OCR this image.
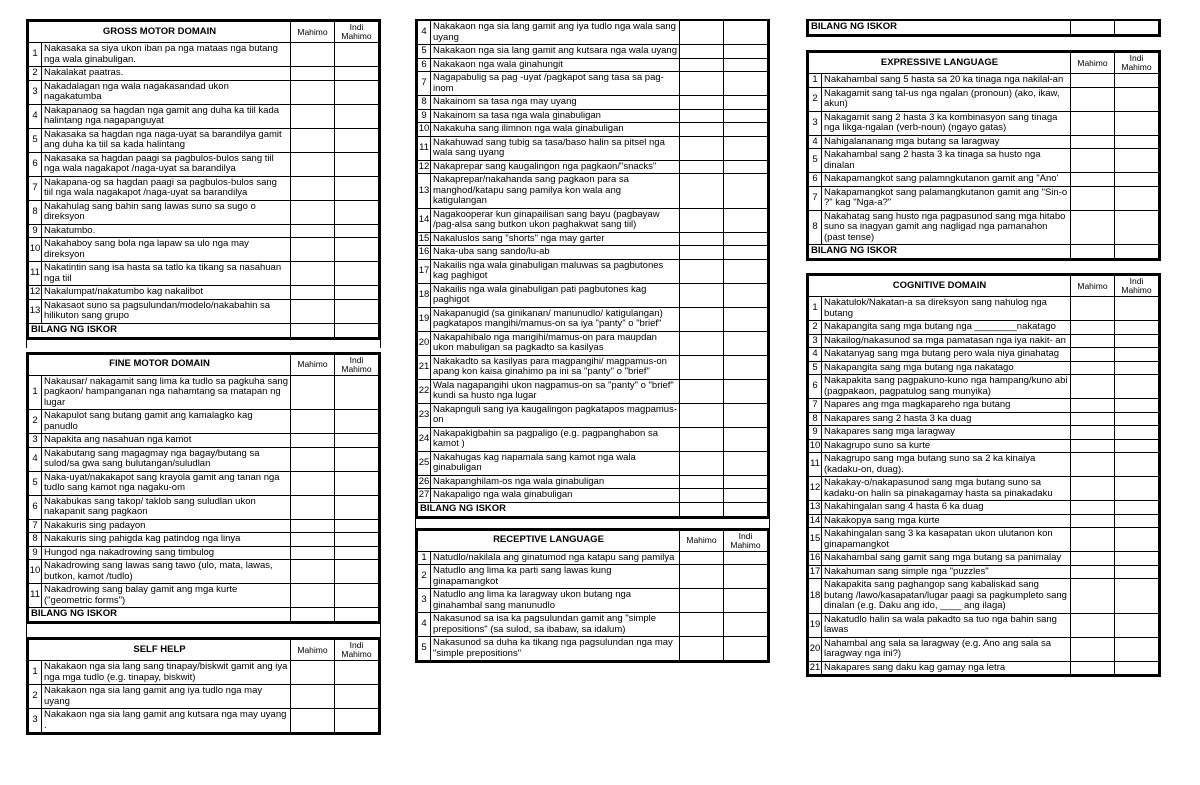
GROSS MOTOR DOMAIN		Mahimo	Indi Mahimo
1	Nakasaka sa siya ukon iban pa nga mataas nga butang nga wala ginabuligan.		
2	Nakalakat paatras.		
3	Nakadalagan nga wala nagakasandad ukon nagakatumba		
4	Nakapanaog sa hagdan nga gamit ang duha ka tiil kada halintang nga nagapanguyat		
5	Nakasaka sa hagdan nga naga-uyat sa barandilya gamit ang duha ka tiil sa kada halintang		
6	Nakasaka sa hagdan paagi sa pagbulos-bulos sang tiil nga wala nagakapot /naga-uyat sa barandilya		
7	Nakapana-og sa hagdan paagi sa pagbulos-bulos sang tiil nga wala nagakapot /naga-uyat sa barandilya		
8	Nakahulag sang bahin sang lawas suno sa sugo o direksyon		
9	Nakatumbo.		
10	Nakahaboy sang bola nga lapaw sa ulo nga may direksyon		
11	Nakatintin sang isa hasta sa tatlo ka tikang sa nasahuan nga tiil		
12	Nakalumpat/nakatumbo kag nakalibot		
13	Nakasaot suno sa pagsulundan/modelo/nakabahin sa hilikuton sang grupo		
BILANG NG ISKOR			
FINE MOTOR DOMAIN		Mahimo	Indi Mahimo
1	Nakausar/ nakagamit sang lima ka tudlo sa pagkuha sang pagkaon/ hampanganan nga nahamtang sa matapan ng lugar		
2	Nakapulot sang butang gamit ang kamalagko kag panudlo		
3	Napakita ang nasahuan nga kamot		
4	Nakabutang sang magagmay nga bagay/butang sa sulod/sa gwa sang bulutangan/suludlan		
5	Naka-uyat/nakakapot sang krayola gamit ang tanan nga tudlo sang kamot nga nagaku-om		
6	Nakabukas sang takop/ taklob sang suludlan ukon nakapanit sang pagkaon		
7	Nakakuris sing padayon		
8	Nakakuris sing pahigda kag patindog nga linya		
9	Hungod nga nakadrowing sang timbulog		
10	Nakadrowing sang lawas sang tawo (ulo, mata, lawas, butkon, kamot /tudlo)		
11	Nakadrowing sang balay gamit ang mga kurte ("geometric forms")		
BILANG NG ISKOR			
SELF HELP		Mahimo	Indi Mahimo
1	Nakakaon nga sia lang sang tinapay/biskwit gamit ang iya nga mga tudlo (e.g. tinapay, biskwit)		
2	Nakakaon nga sia lang gamit ang iya tudlo nga may uyang		
3	Nakakaon nga sia lang gamit ang kutsara nga may uyang .		
4	Nakakaon nga sia lang gamit ang iya tudlo nga wala sang uyang		
5	Nakakaon nga sia lang gamit ang kutsara nga wala uyang		
6	Nakakaon nga wala ginahungit		
7	Nagapabulig sa pag -uyat /pagkapot sang tasa sa pag-inom		
8	Nakainom sa tasa nga may uyang		
9	Nakainom sa tasa nga wala ginabuligan		
10	Nakakuha sang ilimnon nga wala ginabuligan		
11	Nakahuwad sang tubig sa tasa/baso halin sa pitsel nga wala sang uyang		
12	Nakaprepar sang kaugalingon nga pagkaon/"snacks"		
13	Nakaprepar/nakahanda sang pagkaon para sa manghod/katapu sang pamilya kon wala ang katigulangan		
14	Nagakooperar kun ginapailisan sang bayu (pagbayaw /pag-alsa sang butkon ukon paghakwat sang tiil)		
15	Nakaluslos sang "shorts" nga may garter		
16	Naka-uba sang sando/lu-ab		
17	Nakailis nga wala ginabuligan maluwas sa pagbutones kag paghigot		
18	Nakailis nga wala ginabuligan pati pagbutones kag paghigot		
19	Nakapanugid (sa ginikanan/ manunudlo/ katigulangan) pagkatapos mangihi/mamus-on sa iya "panty" o "brief"		
20	Nakapahibalo nga mangihi/mamus-on para maupdan ukon mabuligan sa pagkadto sa kasilyas		
21	Nakakadto sa kasilyas para magpangihi/ magpamus-on apang kon kaisa ginahimo pa ini sa "panty" o "brief"		
22	Wala nagapangihi ukon nagpamus-on sa "panty" o "brief" kundi sa husto nga lugar		
23	Nakapnguli sang iya kaugalingon pagkatapos magpamus-on		
24	Nakapakigbahin sa pagpaligo (e.g. pagpanghabon sa kamot )		
25	Nakahugas kag napamala sang kamot nga wala ginabuligan		
26	Nakapanghilam-os nga wala ginabuligan		
27	Nakapaligo nga wala ginabuligan		
BILANG NG ISKOR			
RECEPTIVE LANGUAGE		Mahimo	Indi Mahimo
1	Natudlo/nakilala ang ginatumod nga katapu sang pamilya		
2	Natudlo ang lima ka parti sang lawas kung ginapamangkot		
3	Natudlo ang lima ka laragway ukon butang nga ginahambal sang manunudlo		
4	Nakasunod sa isa ka pagsulundan gamit ang "simple prepositions" (sa sulod, sa ibabaw, sa idalum)		
5	Nakasunod sa duha ka tikang nga pagsulundan nga may "simple prepositions"		
BILANG NG ISKOR		
EXPRESSIVE LANGUAGE		Mahimo	Indi Mahimo
1	Nakahambal sang 5 hasta sa 20 ka tinaga nga nakilal-an		
2	Nakagamit sang tal-us nga ngalan (pronoun) (ako, ikaw, akun)		
3	Nakagamit sang 2 hasta 3 ka kombinasyon sang tinaga nga likga-ngalan (verb-noun) (ngayo gatas)		
4	Nahigalananang mga butang sa laragway		
5	Nakahambal sang 2 hasta 3 ka tinaga sa husto nga dinalan		
6	Nakapamangkot sang palamngkutanon gamit ang "Ano'		
7	Nakapamangkot sang palamangkutanon gamit ang "Sin-o ?" kag "Nga-a?"		
8	Nakahatag sang husto nga pagpasunod sang mga hitabo suno sa inagyan gamit ang nagligad nga pamanahon (past tense)		
BILANG NG ISKOR			
COGNITIVE DOMAIN		Mahimo	Indi Mahimo
1	Nakatulok/Nakatan-a sa direksyon sang nahulog nga butang		
2	Nakapangita sang mga butang nga ________nakatago		
3	Nakailog/nakasunod sa mga pamatasan nga iya nakit- an		
4	Nakatanyag sang mga butang pero wala niya ginahatag		
5	Nakapangita sang mga butang nga nakatago		
6	Nakapakita sang pagpakuno-kuno nga hampang/kuno abi (pagpakaon, pagpatulog sang munyika)		
7	Napares ang mga magkapareho nga butang		
8	Nakapares sang 2 hasta 3 ka duag		
9	Nakapares sang mga laragway		
10	Nakagrupo suno sa kurte		
11	Nakagrupo sang mga butang suno sa 2 ka kinaiya (kadaku-on, duag).		
12	Nakakay-o/nakapasunod sang mga butang suno sa kadaku-on halin sa pinakagamay hasta sa pinakadaku		
13	Nakahingalan sang 4 hasta 6 ka duag		
14	Nakakopya sang mga kurte		
15	Nakahingalan sang 3 ka kasapatan ukon ulutanon kon ginapamangkot		
16	Nakahambal sang gamit sang mga butang sa panimalay		
17	Nakahuman sang simple nga "puzzles"		
18	Nakapakita sang paghangop sang kabaliskad sang butang /lawo/kasapatan/lugar paagi sa pagkumpleto sang dinalan (e.g. Daku ang ido, ____ ang ilaga)		
19	Nakatudlo halin sa wala pakadto sa tuo nga bahin sang lawas		
20	Nahambal ang sala sa laragway (e.g. Ano ang sala sa laragway nga ini?)		
21	Nakapares sang daku kag gamay nga letra		
